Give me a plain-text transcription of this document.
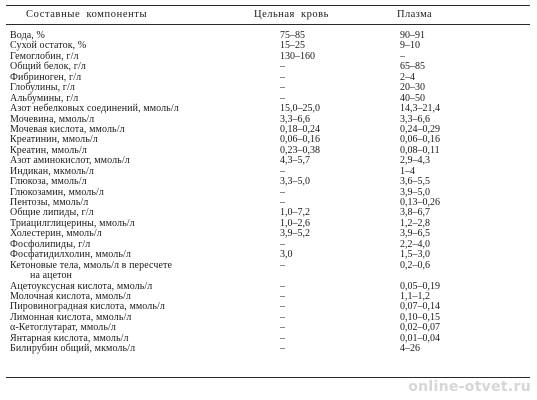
Составные компоненты	Цельная кровь	Плазма
Вода, %	75–85	90–91
Сухой остаток, %	15–25	9–10
Гемоглобин, г/л	130–160	–
Общий белок, г/л	–	65–85
Фибриноген, г/л	–	2–4
Глобулины, г/л	–	20–30
Альбумины, г/л	–	40–50
Азот небелковых соединений, ммоль/л	15,0–25,0	14,3–21,4
Мочевина, ммоль/л	3,3–6,6	3,3–6,6
Мочевая кислота, ммоль/л	0,18–0,24	0,24–0,29
Креатинин, ммоль/л	0,06–0,16	0,06–0,16
Креатин, ммоль/л	0,23–0,38	0,08–0,11
Азот аминокислот, ммоль/л	4,3–5,7	2,9–4,3
Индикан, мкмоль/л	–	1–4
Глюкоза, ммоль/л	3,3–5,0	3,6–5,5
Глюкозамин, ммоль/л	–	3,9–5,0
Пентозы, ммоль/л	–	0,13–0,26
Общие липиды, г/л	1,0–7,2	3,8–6,7
Триацилглицерины, ммоль/л	1,0–2,6	1,2–2,8
Холестерин, ммоль/л	3,9–5,2	3,9–6,5
Фосфолипиды, г/л	–	2,2–4,0
Фосфатидилхолин, ммоль/л	3,0	1,5–3,0
Кетоновые тела, ммоль/л в пересчете	–	0,2–0,6
на ацетон
Ацетоуксусная кислота, ммоль/л	–	0,05–0,19
Молочная кислота, ммоль/л	–	1,1–1,2
Пировиноградная кислота, ммоль/л	–	0,07–0,14
Лимонная кислота, ммоль/л	–	0,10–0,15
α-Кетоглутарат, ммоль/л	–	0,02–0,07
Янтарная кислота, ммоль/л	–	0,01–0,04
Билирубин общий, мкмоль/л	–	4–26
online-otvet.ru
